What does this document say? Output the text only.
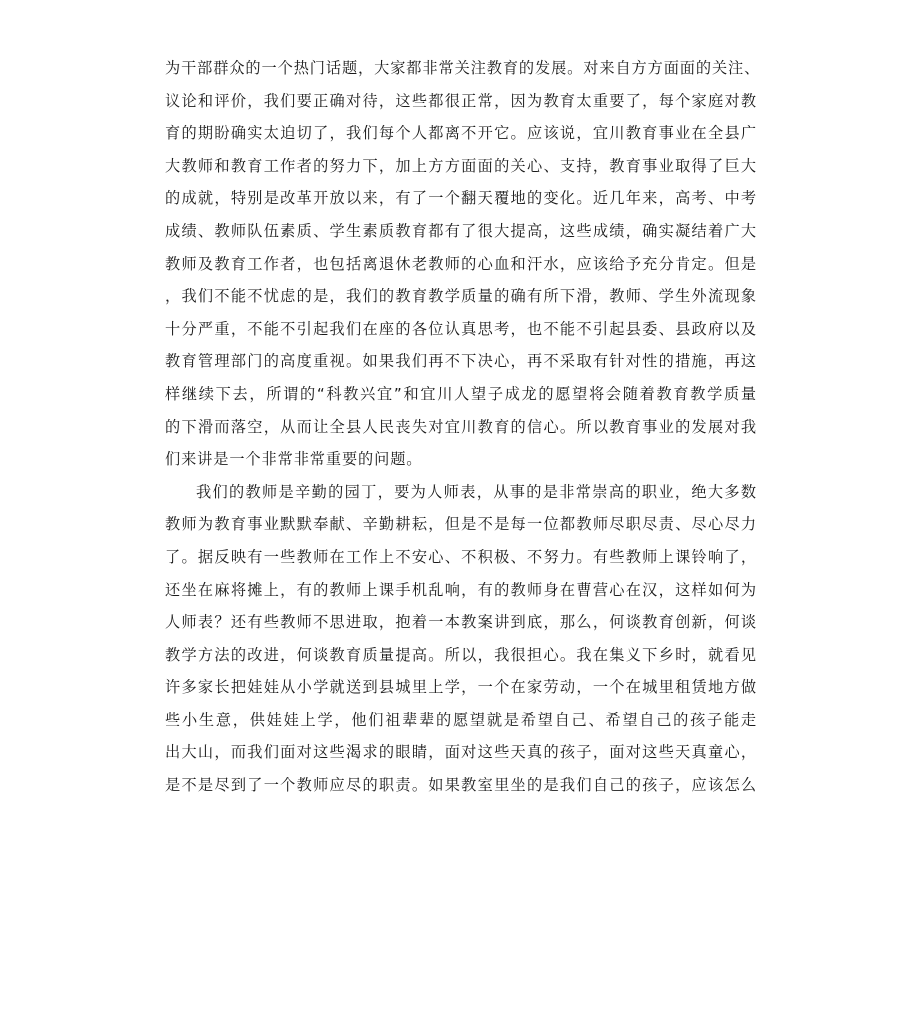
为干部群众的一个热门话题，大家都非常关注教育的发展。对来自方方面面的关注、
议论和评价，我们要正确对待，这些都很正常，因为教育太重要了，每个家庭对教
育的期盼确实太迫切了，我们每个人都离不开它。应该说，宜川教育事业在全县广
大教师和教育工作者的努力下，加上方方面面的关心、支持，教育事业取得了巨大
的成就，特别是改革开放以来，有了一个翻天覆地的变化。近几年来，高考、中考
成绩、教师队伍素质、学生素质教育都有了很大提高，这些成绩，确实凝结着广大
教师及教育工作者，也包括离退休老教师的心血和汗水，应该给予充分肯定。但是
，我们不能不忧虑的是，我们的教育教学质量的确有所下滑，教师、学生外流现象
十分严重，不能不引起我们在座的各位认真思考，也不能不引起县委、县政府以及
教育管理部门的高度重视。如果我们再不下决心，再不采取有针对性的措施，再这
样继续下去，所谓的“科教兴宜”和宜川人望子成龙的愿望将会随着教育教学质量
的下滑而落空，从而让全县人民丧失对宜川教育的信心。所以教育事业的发展对我
们来讲是一个非常非常重要的问题。
我们的教师是辛勤的园丁，要为人师表，从事的是非常崇高的职业，绝大多数
教师为教育事业默默奉献、辛勤耕耘，但是不是每一位都教师尽职尽责、尽心尽力
了。据反映有一些教师在工作上不安心、不积极、不努力。有些教师上课铃响了，
还坐在麻将摊上，有的教师上课手机乱响，有的教师身在曹营心在汉，这样如何为
人师表？还有些教师不思进取，抱着一本教案讲到底，那么，何谈教育创新，何谈
教学方法的改进，何谈教育质量提高。所以，我很担心。我在集义下乡时，就看见
许多家长把娃娃从小学就送到县城里上学，一个在家劳动，一个在城里租赁地方做
些小生意，供娃娃上学，他们祖辈辈的愿望就是希望自己、希望自己的孩子能走
出大山，而我们面对这些渴求的眼睛，面对这些天真的孩子，面对这些天真童心，
是不是尽到了一个教师应尽的职责。如果教室里坐的是我们自己的孩子，应该怎么
